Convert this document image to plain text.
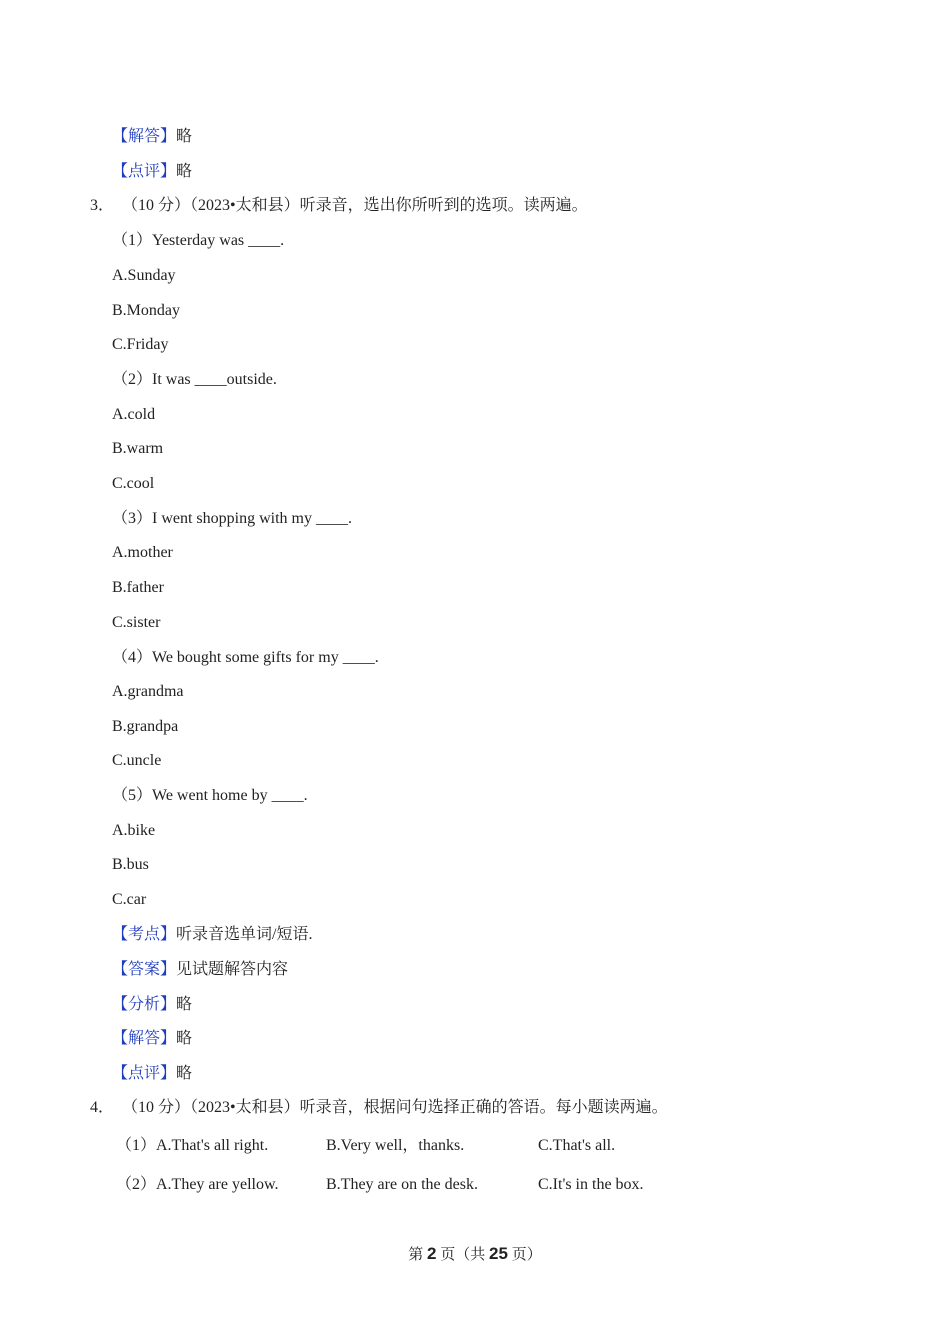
【解答】略
【点评】略
3． （10 分）（2023•太和县）听录音，选出你所听到的选项。读两遍。
（1）Yesterday was ____.
A.Sunday
B.Monday
C.Friday
（2）It was ____outside.
A.cold
B.warm
C.cool
（3）I went shopping with my ____.
A.mother
B.father
C.sister
（4）We bought some gifts for my ____.
A.grandma
B.grandpa
C.uncle
（5）We went home by ____.
A.bike
B.bus
C.car
【考点】听录音选单词/短语.
【答案】见试题解答内容
【分析】略
【解答】略
【点评】略
4． （10 分）（2023•太和县）听录音，根据问句选择正确的答语。每小题读两遍。
（1）A.That's all right.	B.Very well，thanks.	C.That's all.
（2）A.They are yellow.	B.They are on the desk.	C.It's in the box.
第 2 页（共 25 页）
